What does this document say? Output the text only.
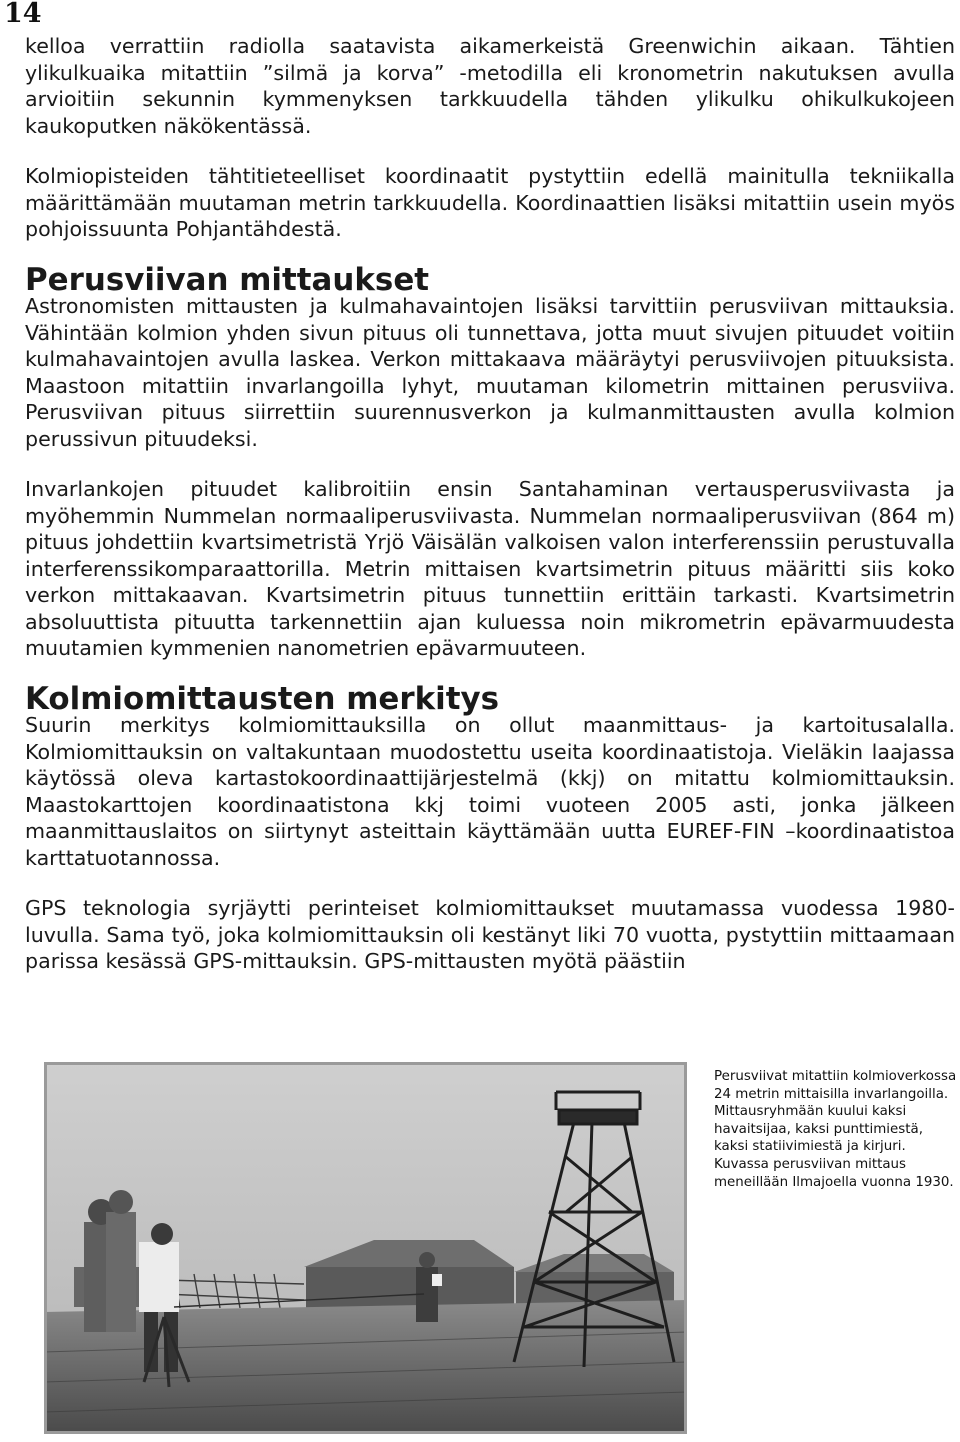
14

kelloa verrattiin radiolla saatavista aikamerkeistä Greenwichin aikaan. Tähtien ylikulkuaika mitattiin ”silmä ja korva” -metodilla eli kronometrin nakutuksen avulla arvioitiin sekunnin kymmenyksen tarkkuudella tähden ylikulku ohikulkukojeen kaukoputken näkökentässä.

Kolmiopisteiden tähtitieteelliset koordinaatit pystyttiin edellä mainitulla tekniikalla määrittämään muutaman metrin tarkkuudella. Koordinaattien lisäksi mitattiin usein myös pohjoissuunta Pohjantähdestä.

Perusviivan mittaukset

Astronomisten mittausten ja kulmahavaintojen lisäksi tarvittiin perusviivan mittauksia. Vähintään kolmion yhden sivun pituus oli tunnettava, jotta muut sivujen pituudet voitiin kulmahavaintojen avulla laskea. Verkon mittakaava määräytyi perusviivojen pituuksista. Maastoon mitattiin invarlangoilla lyhyt, muutaman kilometrin mittainen perusviiva. Perusviivan pituus siirrettiin suurennusverkon ja kulmanmittausten avulla kolmion perussivun pituudeksi.

Invarlankojen pituudet kalibroitiin ensin Santahaminan vertausperusviivasta ja myöhemmin Nummelan normaaliperusviivasta. Nummelan normaaliperusviivan (864 m) pituus johdettiin kvartsimetristä Yrjö Väisälän valkoisen valon interferenssiin perustuvalla interferenssikomparaattorilla. Metrin mittaisen kvartsimetrin pituus määritti siis koko verkon mittakaavan. Kvartsimetrin pituus tunnettiin erittäin tarkasti. Kvartsimetrin absoluuttista pituutta tarkennettiin ajan kuluessa noin mikrometrin epävarmuudesta muutamien kymmenien nanometrien epävarmuuteen.

Kolmiomittausten merkitys

Suurin merkitys kolmiomittauksilla on ollut maanmittaus- ja kartoitusalalla. Kolmiomittauksin on valtakuntaan muodostettu useita koordinaatistoja. Vieläkin laajassa käytössä oleva kartastokoordinaattijärjestelmä (kkj) on mitattu kolmiomittauksin. Maastokarttojen koordinaatistona kkj toimi vuoteen 2005 asti, jonka jälkeen maanmittauslaitos on siirtynyt asteittain käyttämään uutta EUREF-FIN –koordinaatistoa karttatuotannossa.

GPS teknologia syrjäytti perinteiset kolmiomittaukset muutamassa vuodessa 1980-luvulla. Sama työ, joka kolmiomittauksin oli kestänyt liki 70 vuotta, pystyttiin mittaamaan parissa kesässä GPS-mittauksin. GPS-mittausten myötä päästiin

Perusviivat mitattiin kolmioverkossa 24 metrin mittaisilla invarlangoilla. Mittausryhmään kuului kaksi havaitsijaa, kaksi punttimiestä, kaksi statiivimiestä ja kirjuri. Kuvassa perusviivan mittaus meneillään Ilmajoella vuonna 1930.
